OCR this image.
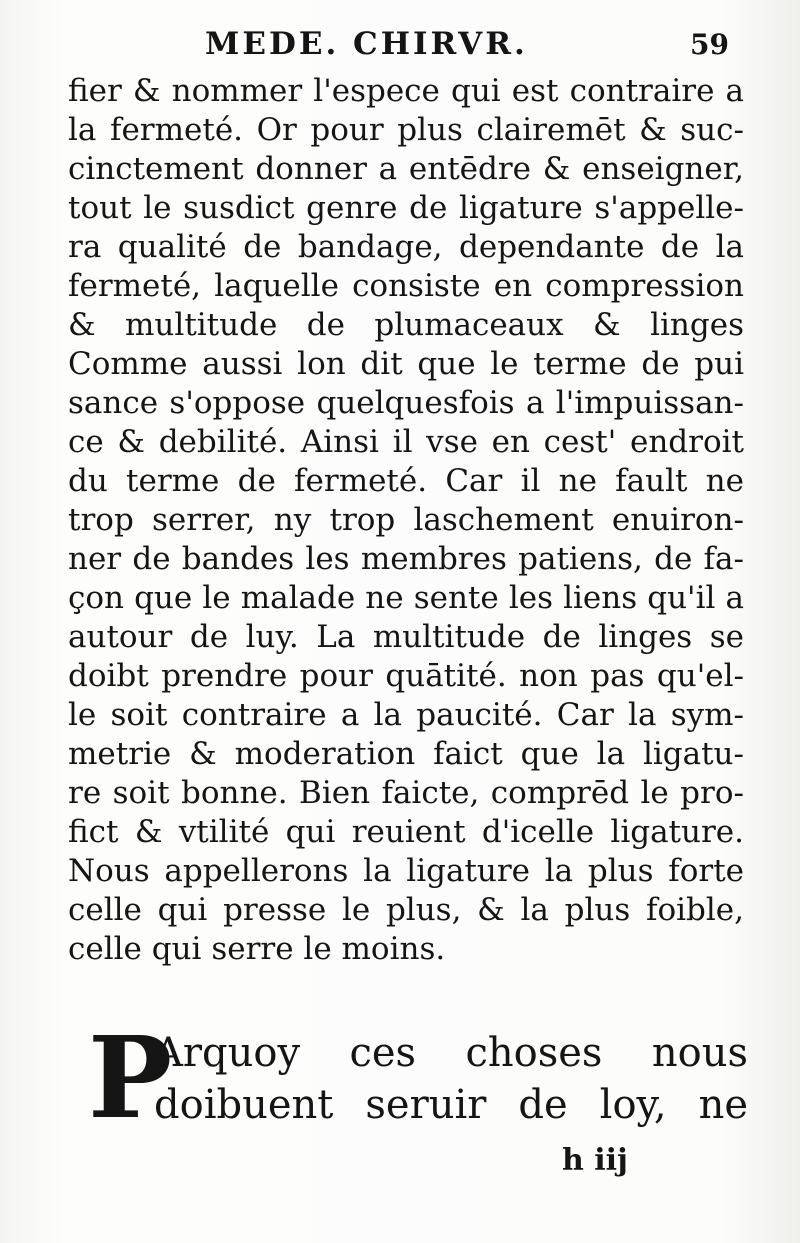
MEDE. CHIRVR.	59
fier & nommer l'espece qui est contraire a
la fermeté. Or pour plus clairemēt & suc-
cinctement donner a entēdre & enseigner,
tout le susdict genre de ligature s'appelle-
ra qualité de bandage, dependante de la
fermeté, laquelle consiste en compression
& multitude de plumaceaux & linges
Comme aussi lon dit que le terme de pui
sance s'oppose quelquesfois a l'impuissan-
ce & debilité. Ainsi il vse en cest' endroit
du terme de fermeté. Car il ne fault ne
trop serrer, ny trop laschement enuiron-
ner de bandes les membres patiens, de fa-
çon que le malade ne sente les liens qu'il a
autour de luy. La multitude de linges se
doibt prendre pour quātité. non pas qu'el-
le soit contraire a la paucité. Car la sym-
metrie & moderation faict que la ligatu-
re soit bonne. Bien faicte, comprēd le pro-
fict & vtilité qui reuient d'icelle ligature.
Nous appellerons la ligature la plus forte
celle qui presse le plus, & la plus foible,
celle qui serre le moins.
P
Arquoy ces choses nous
doibuent seruir de loy, ne
h iij
